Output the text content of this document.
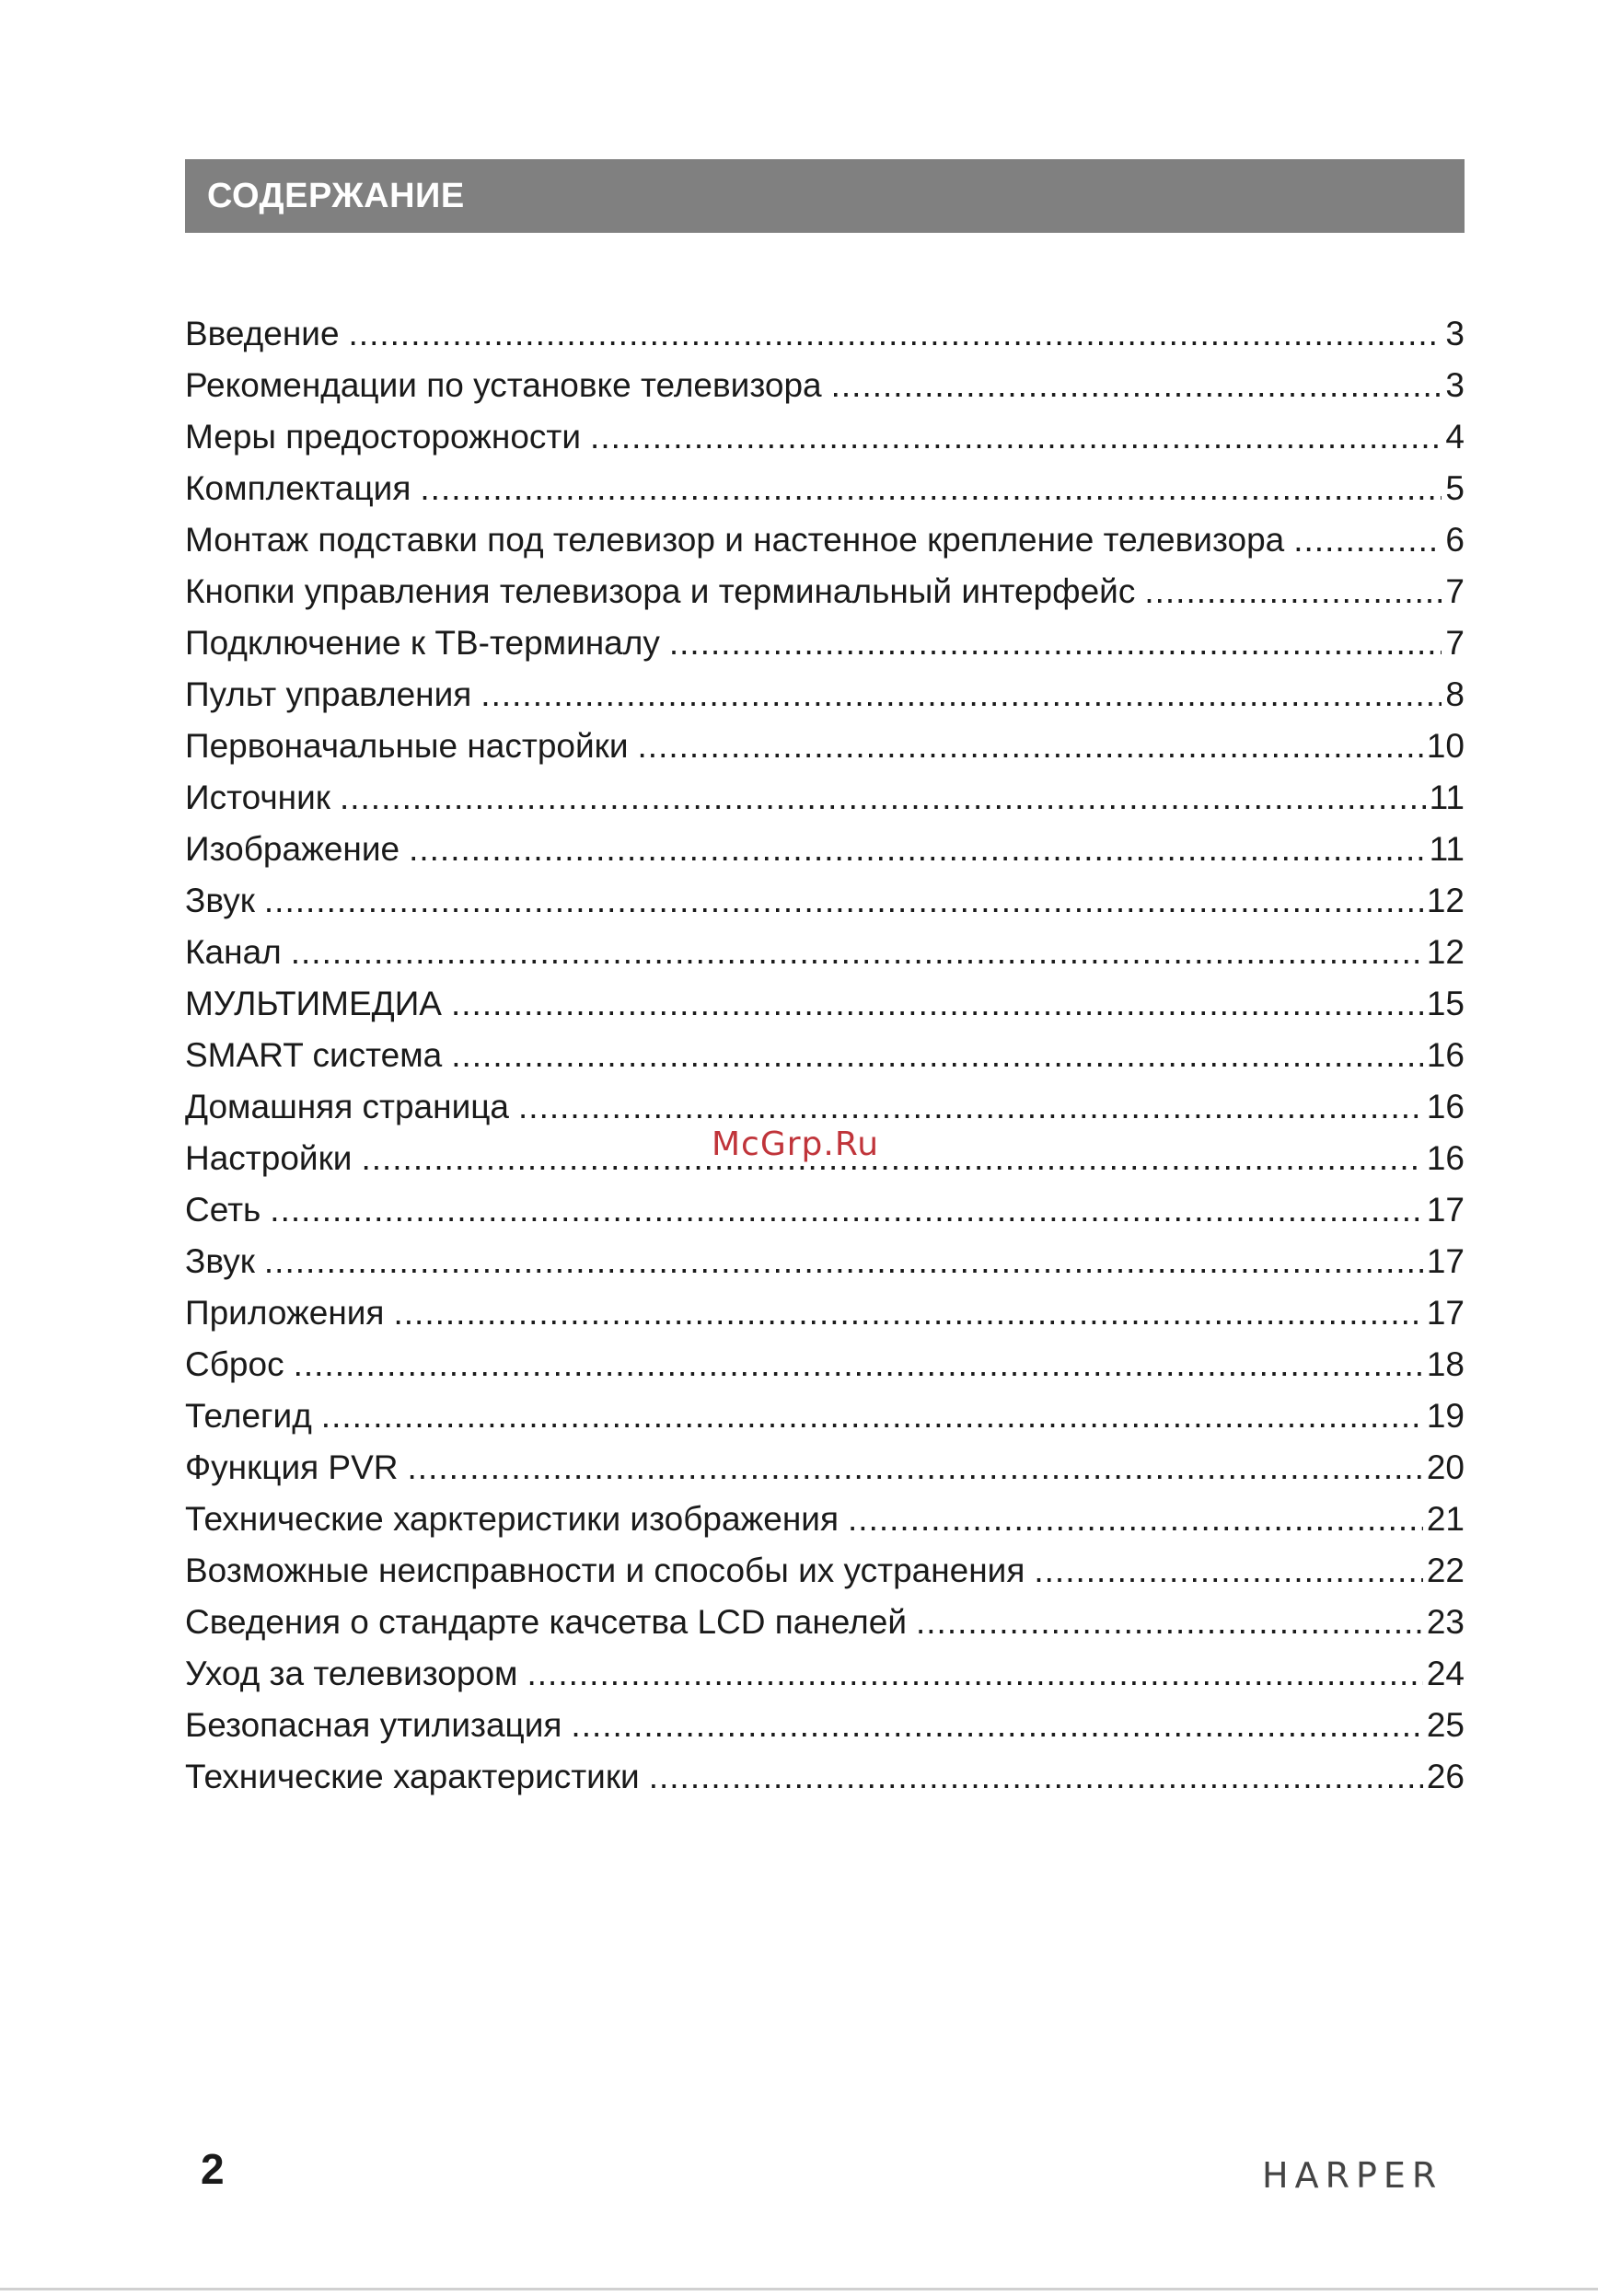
СОДЕРЖАНИЕ
Введение .....	3
Рекомендации по установке телевизора .....	3
Меры предосторожности .....	4
Комплектация .....	5
Монтаж подставки под телевизор и настенное крепление телевизора .....	6
Кнопки управления телевизора и терминальный интерфейс .....	7
Подключение к ТВ-терминалу .....	7
Пульт управления .....	8
Первоначальные настройки .....	10
Источник .....	11
Изображение .....	11
Звук .....	12
Канал .....	12
МУЛЬТИМЕДИА .....	15
SMART система .....	16
Домашняя страница .....	16
Настройки .....	16
Сеть .....	17
Звук .....	17
Приложения .....	17
Сброс .....	18
Телегид .....	19
Функция PVR .....	20
Технические харктеристики изображения .....	21
Возможные неисправности и способы их устранения .....	22
Сведения о стандарте качсетва LCD панелей .....	23
Уход за телевизором .....	24
Безопасная утилизация .....	25
Технические характеристики .....	26
McGrp.Ru
2	HARPER
